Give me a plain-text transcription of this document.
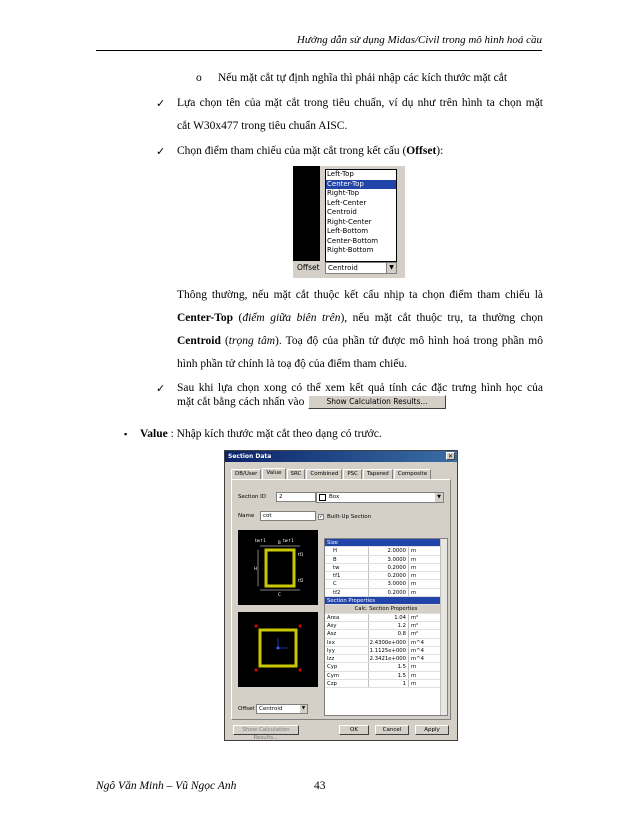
Hướng dẫn sử dụng Midas/Civil trong mô hình hoá cầu
o Nếu mặt cắt tự định nghĩa thì phải nhập các kích thước mặt cắt
✓ Lựa chọn tên của mặt cắt trong tiêu chuẩn, ví dụ như trên hình ta chọn mặt
cắt W30x477 trong tiêu chuẩn AISC.
✓ Chọn điểm tham chiếu của mặt cắt trong kết cấu (Offset):
Left-Top
Center-Top
Right-Top
Left-Center
Centroid
Right-Center
Left-Bottom
Center-Bottom
Right-Bottom
Offset	Centroid	▼
Thông thường, nếu mặt cắt thuộc kết cấu nhịp ta chọn điểm tham chiếu là
Center-Top (điểm giữa biên trên), nếu mặt cắt thuộc trụ, ta thường chọn
Centroid (trọng tâm). Toạ độ của phần tử được mô hình hoá trong phần mô
hình phần tử chính là toạ độ của điểm tham chiếu.
✓ Sau khi lựa chọn xong có thể xem kết quả tính các đặc trưng hình học của
mặt cắt bằng cách nhấn vào	Show Calculation Results...
▪ Value : Nhập kích thước mặt cắt theo dạng có trước.
Section Data	✕
DB/User	Value	SRC	Combined	PSC	Tapered	Composite
Section ID	2
Name	cot
Box	▼
✓ Built-Up Section
tw↑1	tw↑1
tf1
tf2
H
C
B	Size
H	2.0000 m
B	3.0000 m
tw	0.2000 m
tf1	0.2000 m
C	3.0000 m
tf2	0.2000 m
Section Properties
Calc. Section Properties
Area	1.04 m²
Asy	1.2 m²
Asz	0.8 m²
Ixx	2.4300e+000 m^4
Iyy	1.1125e+000 m^4
Izz	2.3421e+000 m^4
Cyp	1.5 m
Cym	1.5 m
Czp	1 m
Offset Centroid	▼
Show Calculation Results...
OK	Cancel	Apply
Ngô Văn Minh – Vũ Ngọc Anh	43
